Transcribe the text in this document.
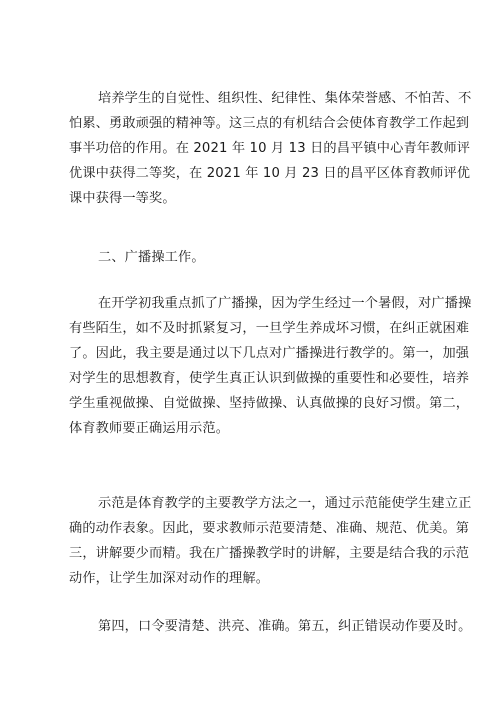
培养学生的自觉性、组织性、纪律性、集体荣誉感、不怕苦、不
怕累、勇敢顽强的精神等。这三点的有机结合会使体育教学工作起到
事半功倍的作用。在 2021 年 10 月 13 日的昌平镇中心青年教师评
优课中获得二等奖，在 2021 年 10 月 23 日的昌平区体育教师评优
课中获得一等奖。
二、广播操工作。
在开学初我重点抓了广播操，因为学生经过一个暑假，对广播操
有些陌生，如不及时抓紧复习，一旦学生养成坏习惯，在纠正就困难
了。因此，我主要是通过以下几点对广播操进行教学的。第一，加强
对学生的思想教育，使学生真正认识到做操的重要性和必要性，培养
学生重视做操、自觉做操、坚持做操、认真做操的良好习惯。第二，
体育教师要正确运用示范。
示范是体育教学的主要教学方法之一，通过示范能使学生建立正
确的动作表象。因此，要求教师示范要清楚、准确、规范、优美。第
三，讲解要少而精。我在广播操教学时的讲解，主要是结合我的示范
动作，让学生加深对动作的理解。
第四，口令要清楚、洪亮、准确。第五，纠正错误动作要及时。
